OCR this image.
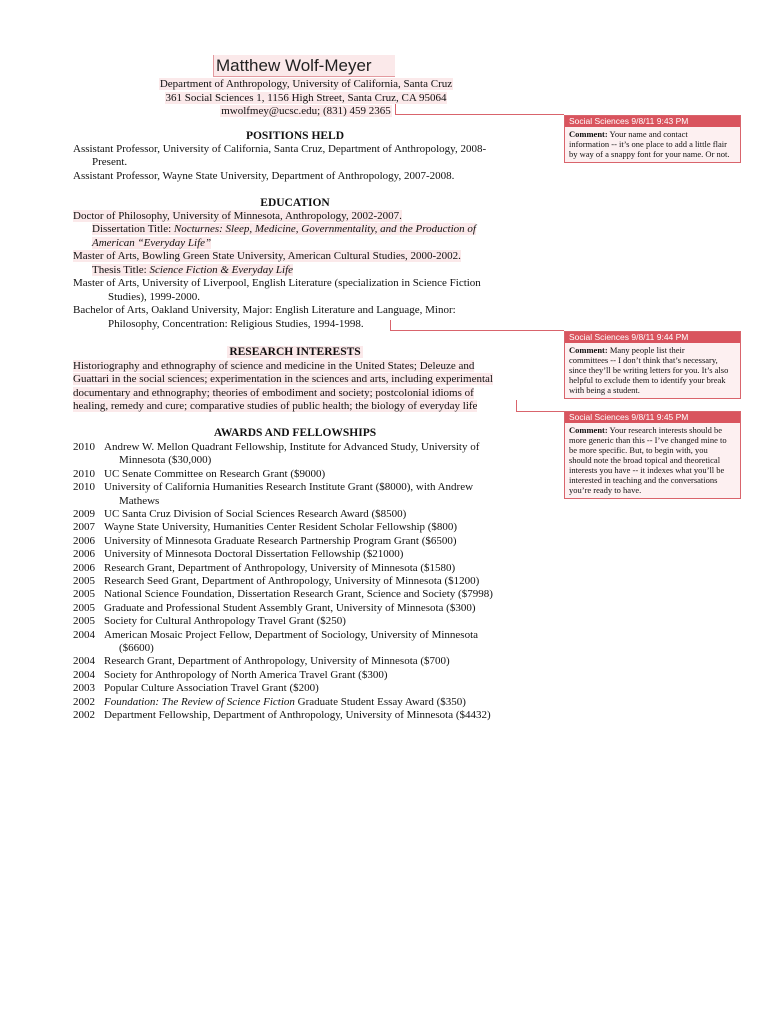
Matthew Wolf-Meyer
Department of Anthropology, University of California, Santa Cruz
361 Social Sciences 1, 1156 High Street, Santa Cruz, CA 95064
mwolfmey@ucsc.edu; (831) 459 2365
POSITIONS HELD
Assistant Professor, University of California, Santa Cruz, Department of Anthropology, 2008-
Present.
Assistant Professor, Wayne State University, Department of Anthropology, 2007-2008.
EDUCATION
Doctor of Philosophy, University of Minnesota, Anthropology, 2002-2007.
Dissertation Title: Nocturnes: Sleep, Medicine, Governmentality, and the Production of
American “Everyday Life”
Master of Arts, Bowling Green State University, American Cultural Studies, 2000-2002.
Thesis Title: Science Fiction & Everyday Life
Master of Arts, University of Liverpool, English Literature (specialization in Science Fiction
Studies), 1999-2000.
Bachelor of Arts, Oakland University, Major: English Literature and Language, Minor:
Philosophy, Concentration: Religious Studies, 1994-1998.
RESEARCH INTERESTS
Historiography and ethnography of science and medicine in the United States; Deleuze and
Guattari in the social sciences; experimentation in the sciences and arts, including experimental
documentary and ethnography; theories of embodiment and society; postcolonial idioms of
healing, remedy and cure; comparative studies of public health; the biology of everyday life
AWARDS AND FELLOWSHIPS
2010 Andrew W. Mellon Quadrant Fellowship, Institute for Advanced Study, University of
Minnesota ($30,000)
2010 UC Senate Committee on Research Grant ($9000)
2010 University of California Humanities Research Institute Grant ($8000), with Andrew
Mathews
2009 UC Santa Cruz Division of Social Sciences Research Award ($8500)
2007 Wayne State University, Humanities Center Resident Scholar Fellowship ($800)
2006 University of Minnesota Graduate Research Partnership Program Grant ($6500)
2006 University of Minnesota Doctoral Dissertation Fellowship ($21000)
2006 Research Grant, Department of Anthropology, University of Minnesota ($1580)
2005 Research Seed Grant, Department of Anthropology, University of Minnesota ($1200)
2005 National Science Foundation, Dissertation Research Grant, Science and Society ($7998)
2005 Graduate and Professional Student Assembly Grant, University of Minnesota ($300)
2005 Society for Cultural Anthropology Travel Grant ($250)
2004 American Mosaic Project Fellow, Department of Sociology, University of Minnesota
($6600)
2004 Research Grant, Department of Anthropology, University of Minnesota ($700)
2004 Society for Anthropology of North America Travel Grant ($300)
2003 Popular Culture Association Travel Grant ($200)
2002 Foundation: The Review of Science Fiction Graduate Student Essay Award ($350)
2002 Department Fellowship, Department of Anthropology, University of Minnesota ($4432)
Social Sciences 9/8/11 9:43 PM
Comment: Your name and contact
information -- it’s one place to add a little flair
by way of a snappy font for your name. Or not.
Social Sciences 9/8/11 9:44 PM
Comment: Many people list their
committees -- I don’t think that’s necessary,
since they’ll be writing letters for you. It’s also
helpful to exclude them to identify your break
with being a student.
Social Sciences 9/8/11 9:45 PM
Comment: Your research interests should be
more generic than this -- I’ve changed mine to
be more specific. But, to begin with, you
should note the broad topical and theoretical
interests you have -- it indexes what you’ll be
interested in teaching and the conversations
you’re ready to have.
